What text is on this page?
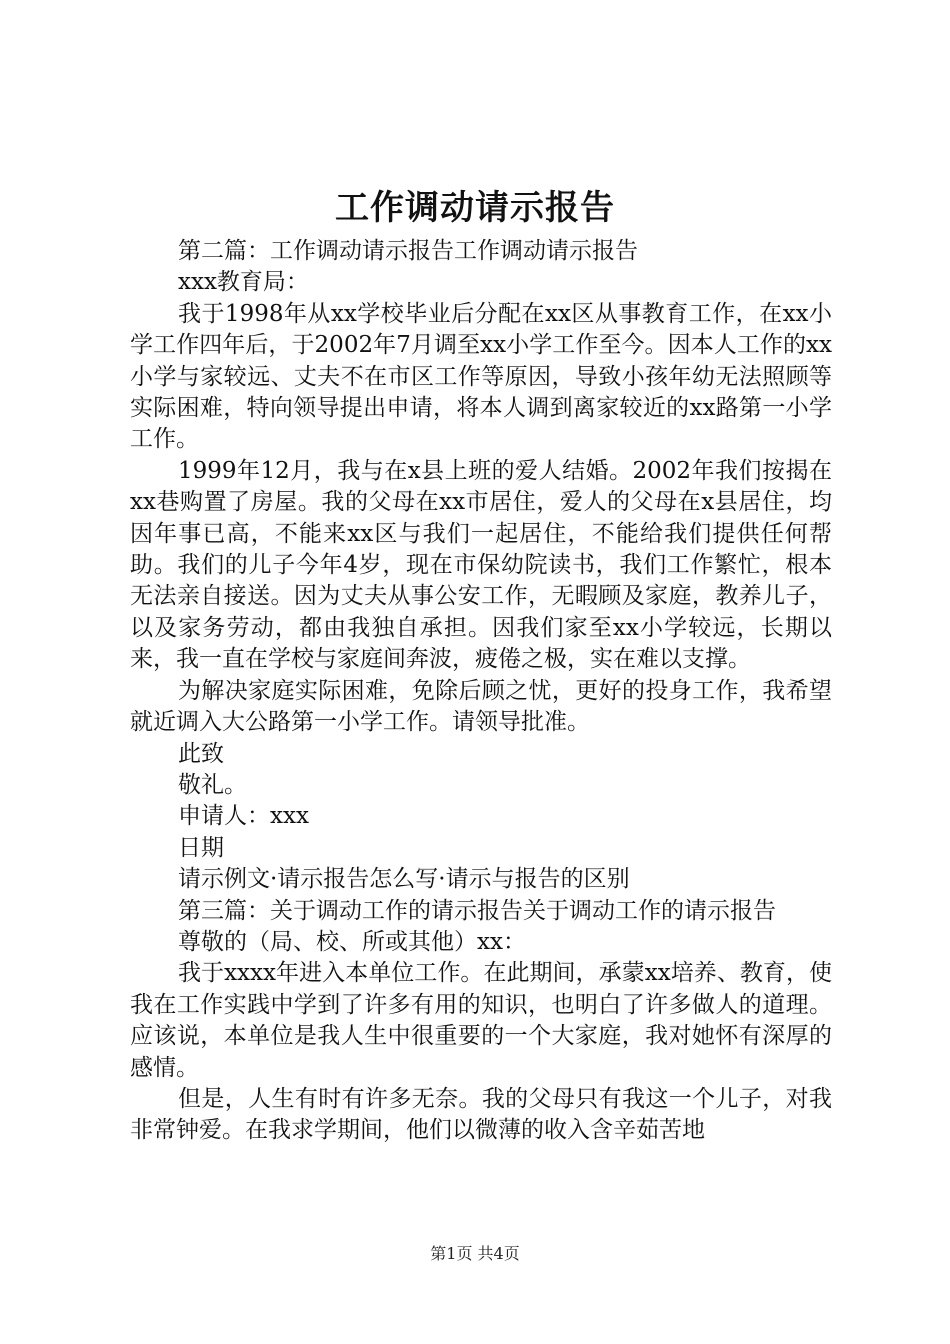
工作调动请示报告

第二篇：工作调动请示报告工作调动请示报告

xxx教育局：

我于1998年从xx学校毕业后分配在xx区从事教育工作，在xx小学工作四年后，于2002年7月调至xx小学工作至今。因本人工作的xx小学与家较远、丈夫不在市区工作等原因，导致小孩年幼无法照顾等实际困难，特向领导提出申请，将本人调到离家较近的xx路第一小学工作。

1999年12月，我与在x县上班的爱人结婚。2002年我们按揭在xx巷购置了房屋。我的父母在xx市居住，爱人的父母在x县居住，均因年事已高，不能来xx区与我们一起居住，不能给我们提供任何帮助。我们的儿子今年4岁，现在市保幼院读书，我们工作繁忙，根本无法亲自接送。因为丈夫从事公安工作，无暇顾及家庭，教养儿子，以及家务劳动，都由我独自承担。因我们家至xx小学较远，长期以来，我一直在学校与家庭间奔波，疲倦之极，实在难以支撑。

为解决家庭实际困难，免除后顾之忧，更好的投身工作，我希望就近调入大公路第一小学工作。请领导批准。

此致

敬礼。

申请人：xxx

日期

请示例文·请示报告怎么写·请示与报告的区别

第三篇：关于调动工作的请示报告关于调动工作的请示报告

尊敬的（局、校、所或其他）xx：

我于xxxx年进入本单位工作。在此期间，承蒙xx培养、教育，使我在工作实践中学到了许多有用的知识，也明白了许多做人的道理。应该说，本单位是我人生中很重要的一个大家庭，我对她怀有深厚的感情。

但是，人生有时有许多无奈。我的父母只有我这一个儿子，对我非常钟爱。在我求学期间，他们以微薄的收入含辛茹苦地

第1页 共4页
